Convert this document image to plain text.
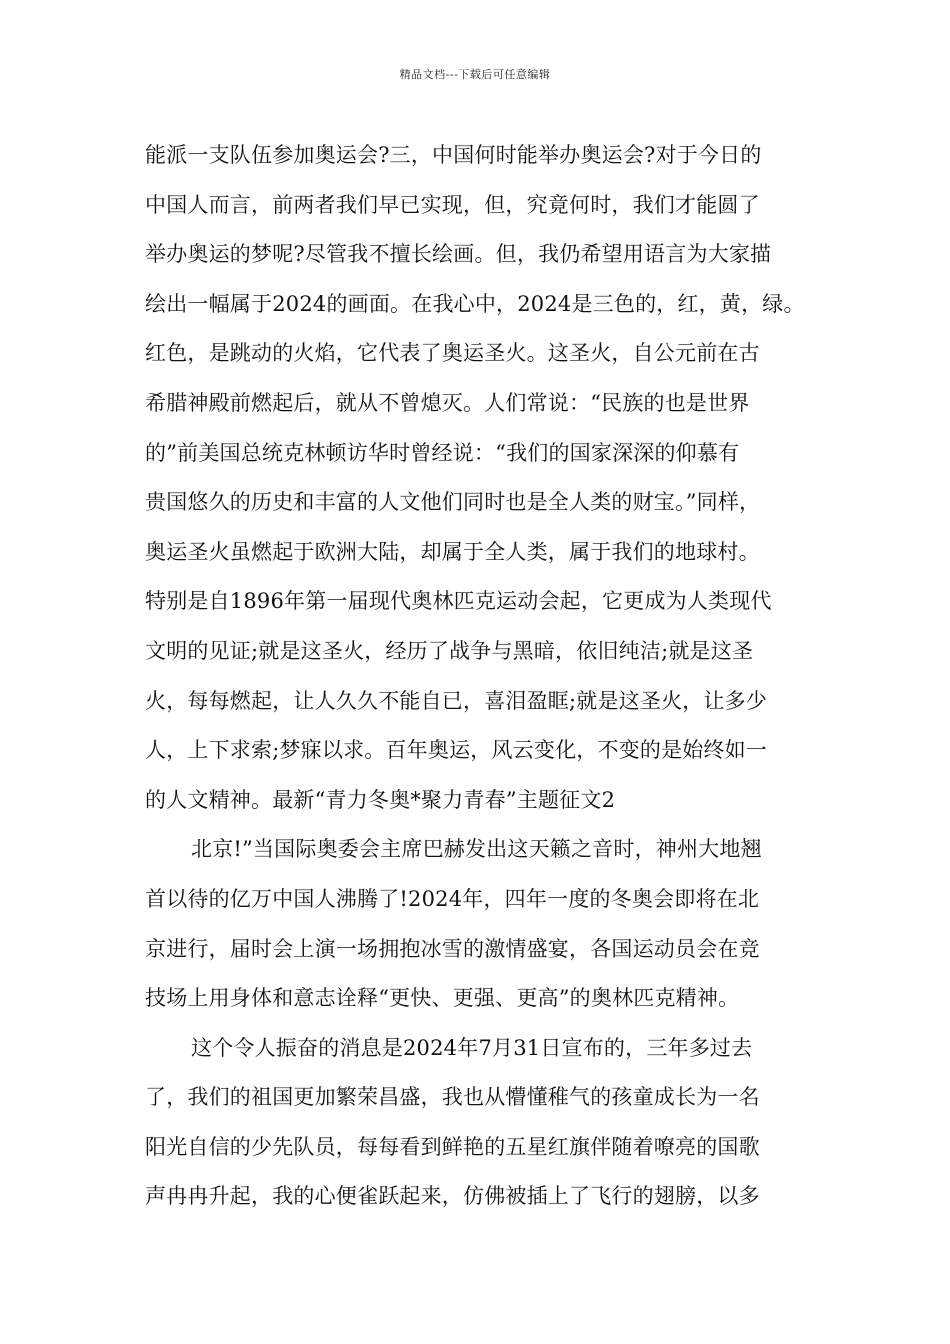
精品文档---下载后可任意编辑
能派一支队伍参加奥运会?三，中国何时能举办奥运会?对于今日的
中国人而言，前两者我们早已实现，但，究竟何时，我们才能圆了
举办奥运的梦呢?尽管我不擅长绘画。但，我仍希望用语言为大家描
绘出一幅属于2024的画面。在我心中，2024是三色的，红，黄，绿。
红色，是跳动的火焰，它代表了奥运圣火。这圣火，自公元前在古
希腊神殿前燃起后，就从不曾熄灭。人们常说：“民族的也是世界
的”前美国总统克林顿访华时曾经说：“我们的国家深深的仰慕有
贵国悠久的历史和丰富的人文他们同时也是全人类的财宝。”同样，
奥运圣火虽燃起于欧洲大陆，却属于全人类，属于我们的地球村。
特别是自1896年第一届现代奥林匹克运动会起，它更成为人类现代
文明的见证;就是这圣火，经历了战争与黑暗，依旧纯洁;就是这圣
火，每每燃起，让人久久不能自已，喜泪盈眶;就是这圣火，让多少
人，上下求索;梦寐以求。百年奥运，风云变化，不变的是始终如一
的人文精神。最新“青力冬奥*聚力青春”主题征文2
北京!”当国际奥委会主席巴赫发出这天籁之音时，神州大地翘
首以待的亿万中国人沸腾了!2024年，四年一度的冬奥会即将在北
京进行，届时会上演一场拥抱冰雪的激情盛宴，各国运动员会在竞
技场上用身体和意志诠释“更快、更强、更高”的奥林匹克精神。
这个令人振奋的消息是2024年7月31日宣布的，三年多过去
了，我们的祖国更加繁荣昌盛，我也从懵懂稚气的孩童成长为一名
阳光自信的少先队员，每每看到鲜艳的五星红旗伴随着嘹亮的国歌
声冉冉升起，我的心便雀跃起来，仿佛被插上了飞行的翅膀，以多
